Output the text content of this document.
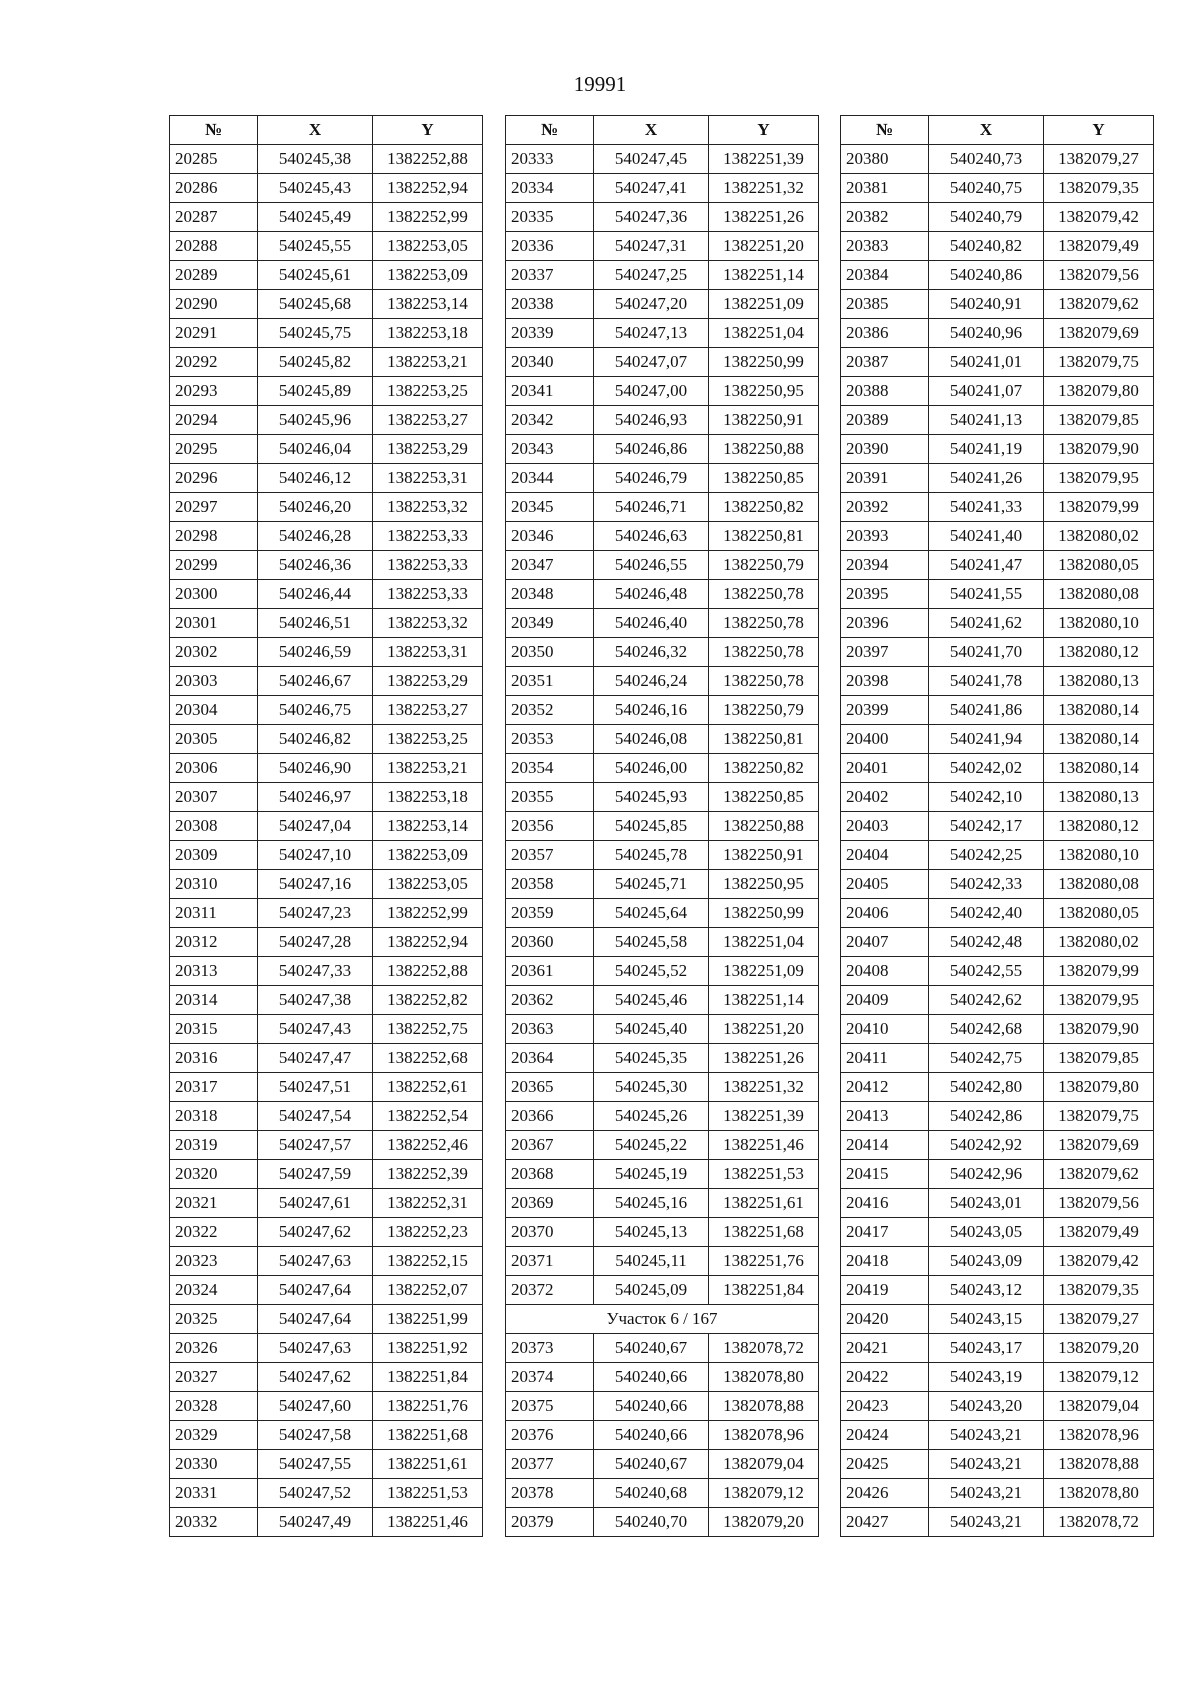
19991
№	X	Y
20285	540245,38	1382252,88
20286	540245,43	1382252,94
20287	540245,49	1382252,99
20288	540245,55	1382253,05
20289	540245,61	1382253,09
20290	540245,68	1382253,14
20291	540245,75	1382253,18
20292	540245,82	1382253,21
20293	540245,89	1382253,25
20294	540245,96	1382253,27
20295	540246,04	1382253,29
20296	540246,12	1382253,31
20297	540246,20	1382253,32
20298	540246,28	1382253,33
20299	540246,36	1382253,33
20300	540246,44	1382253,33
20301	540246,51	1382253,32
20302	540246,59	1382253,31
20303	540246,67	1382253,29
20304	540246,75	1382253,27
20305	540246,82	1382253,25
20306	540246,90	1382253,21
20307	540246,97	1382253,18
20308	540247,04	1382253,14
20309	540247,10	1382253,09
20310	540247,16	1382253,05
20311	540247,23	1382252,99
20312	540247,28	1382252,94
20313	540247,33	1382252,88
20314	540247,38	1382252,82
20315	540247,43	1382252,75
20316	540247,47	1382252,68
20317	540247,51	1382252,61
20318	540247,54	1382252,54
20319	540247,57	1382252,46
20320	540247,59	1382252,39
20321	540247,61	1382252,31
20322	540247,62	1382252,23
20323	540247,63	1382252,15
20324	540247,64	1382252,07
20325	540247,64	1382251,99
20326	540247,63	1382251,92
20327	540247,62	1382251,84
20328	540247,60	1382251,76
20329	540247,58	1382251,68
20330	540247,55	1382251,61
20331	540247,52	1382251,53
20332	540247,49	1382251,46
№	X	Y
20333	540247,45	1382251,39
20334	540247,41	1382251,32
20335	540247,36	1382251,26
20336	540247,31	1382251,20
20337	540247,25	1382251,14
20338	540247,20	1382251,09
20339	540247,13	1382251,04
20340	540247,07	1382250,99
20341	540247,00	1382250,95
20342	540246,93	1382250,91
20343	540246,86	1382250,88
20344	540246,79	1382250,85
20345	540246,71	1382250,82
20346	540246,63	1382250,81
20347	540246,55	1382250,79
20348	540246,48	1382250,78
20349	540246,40	1382250,78
20350	540246,32	1382250,78
20351	540246,24	1382250,78
20352	540246,16	1382250,79
20353	540246,08	1382250,81
20354	540246,00	1382250,82
20355	540245,93	1382250,85
20356	540245,85	1382250,88
20357	540245,78	1382250,91
20358	540245,71	1382250,95
20359	540245,64	1382250,99
20360	540245,58	1382251,04
20361	540245,52	1382251,09
20362	540245,46	1382251,14
20363	540245,40	1382251,20
20364	540245,35	1382251,26
20365	540245,30	1382251,32
20366	540245,26	1382251,39
20367	540245,22	1382251,46
20368	540245,19	1382251,53
20369	540245,16	1382251,61
20370	540245,13	1382251,68
20371	540245,11	1382251,76
20372	540245,09	1382251,84
Участок 6 / 167		
20373	540240,67	1382078,72
20374	540240,66	1382078,80
20375	540240,66	1382078,88
20376	540240,66	1382078,96
20377	540240,67	1382079,04
20378	540240,68	1382079,12
20379	540240,70	1382079,20
№	X	Y
20380	540240,73	1382079,27
20381	540240,75	1382079,35
20382	540240,79	1382079,42
20383	540240,82	1382079,49
20384	540240,86	1382079,56
20385	540240,91	1382079,62
20386	540240,96	1382079,69
20387	540241,01	1382079,75
20388	540241,07	1382079,80
20389	540241,13	1382079,85
20390	540241,19	1382079,90
20391	540241,26	1382079,95
20392	540241,33	1382079,99
20393	540241,40	1382080,02
20394	540241,47	1382080,05
20395	540241,55	1382080,08
20396	540241,62	1382080,10
20397	540241,70	1382080,12
20398	540241,78	1382080,13
20399	540241,86	1382080,14
20400	540241,94	1382080,14
20401	540242,02	1382080,14
20402	540242,10	1382080,13
20403	540242,17	1382080,12
20404	540242,25	1382080,10
20405	540242,33	1382080,08
20406	540242,40	1382080,05
20407	540242,48	1382080,02
20408	540242,55	1382079,99
20409	540242,62	1382079,95
20410	540242,68	1382079,90
20411	540242,75	1382079,85
20412	540242,80	1382079,80
20413	540242,86	1382079,75
20414	540242,92	1382079,69
20415	540242,96	1382079,62
20416	540243,01	1382079,56
20417	540243,05	1382079,49
20418	540243,09	1382079,42
20419	540243,12	1382079,35
20420	540243,15	1382079,27
20421	540243,17	1382079,20
20422	540243,19	1382079,12
20423	540243,20	1382079,04
20424	540243,21	1382078,96
20425	540243,21	1382078,88
20426	540243,21	1382078,80
20427	540243,21	1382078,72
